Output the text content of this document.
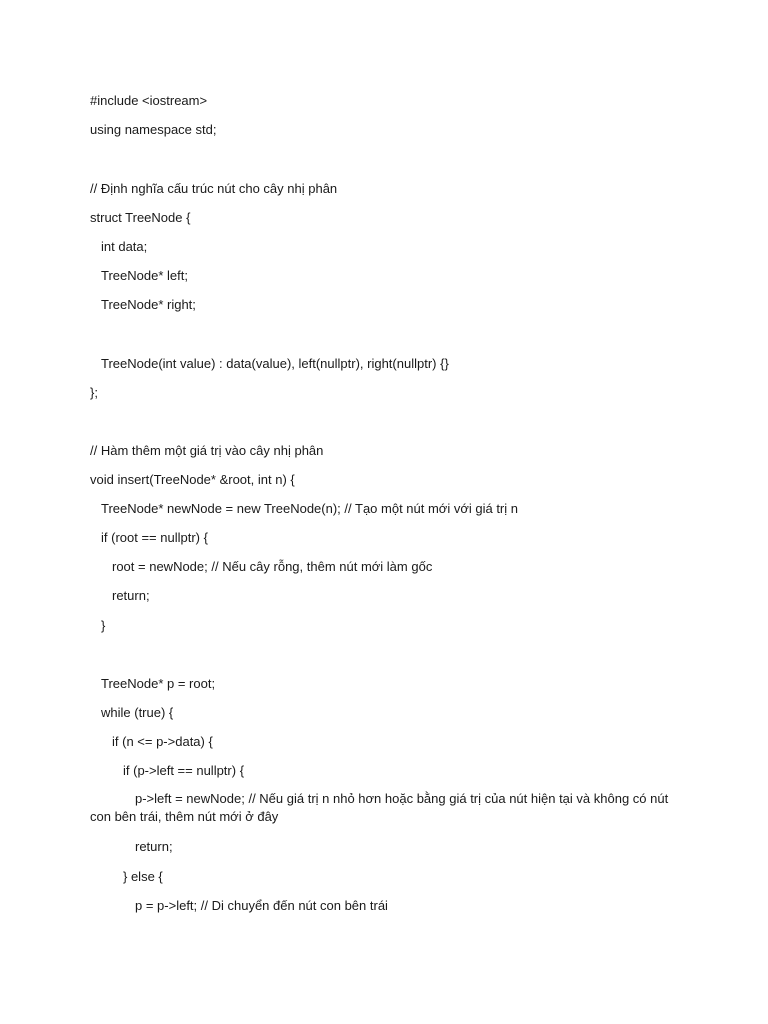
#include <iostream>
using namespace std;
// Định nghĩa cấu trúc nút cho cây nhị phân
struct TreeNode {
int data;
TreeNode* left;
TreeNode* right;
TreeNode(int value) : data(value), left(nullptr), right(nullptr) {}
};
// Hàm thêm một giá trị vào cây nhị phân
void insert(TreeNode* &root, int n) {
TreeNode* newNode = new TreeNode(n); // Tạo một nút mới với giá trị n
if (root == nullptr) {
root = newNode; // Nếu cây rỗng, thêm nút mới làm gốc
return;
}
TreeNode* p = root;
while (true) {
if (n <= p->data) {
if (p->left == nullptr) {
p->left = newNode; // Nếu giá trị n nhỏ hơn hoặc bằng giá trị của nút hiện tại và không có nút con bên trái, thêm nút mới ở đây
return;
} else {
p = p->left; // Di chuyển đến nút con bên trái
